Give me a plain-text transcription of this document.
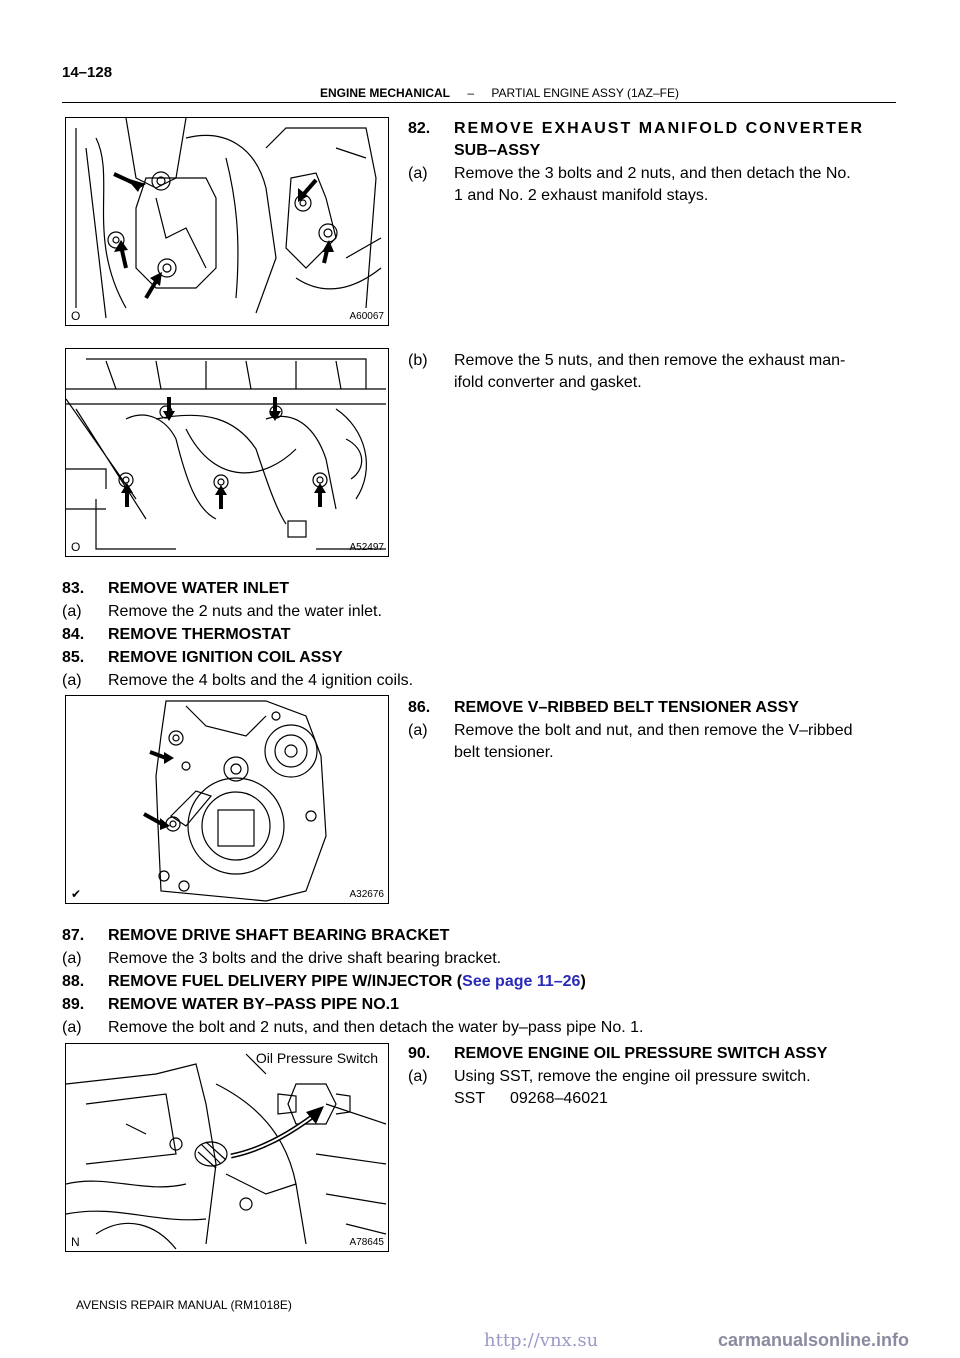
14–128
ENGINE MECHANICAL – PARTIAL ENGINE ASSY (1AZ–FE)
O	A60067
O	A52497
82. REMOVE EXHAUST MANIFOLD CONVERTER
SUB–ASSY
(a) Remove the 3 bolts and 2 nuts, and then detach the No.
1 and No. 2 exhaust manifold stays.
(b) Remove the 5 nuts, and then remove the exhaust man-
ifold converter and gasket.
83. REMOVE WATER INLET
(a) Remove the 2 nuts and the water inlet.
84. REMOVE THERMOSTAT
85. REMOVE IGNITION COIL ASSY
(a) Remove the 4 bolts and the 4 ignition coils.
✔	A32676
86. REMOVE V–RIBBED BELT TENSIONER ASSY
(a) Remove the bolt and nut, and then remove the V–ribbed
belt tensioner.
87. REMOVE DRIVE SHAFT BEARING BRACKET
(a) Remove the 3 bolts and the drive shaft bearing bracket.
88. REMOVE FUEL DELIVERY PIPE W/INJECTOR (See page 11–26)
89. REMOVE WATER BY–PASS PIPE NO.1
(a) Remove the bolt and 2 nuts, and then detach the water by–pass pipe No. 1.
Oil Pressure Switch
N	A78645
90. REMOVE ENGINE OIL PRESSURE SWITCH ASSY
(a) Using SST, remove the engine oil pressure switch.
SST 09268–46021
AVENSIS REPAIR MANUAL (RM1018E)
http://vnx.su	carmanualsonline.info
